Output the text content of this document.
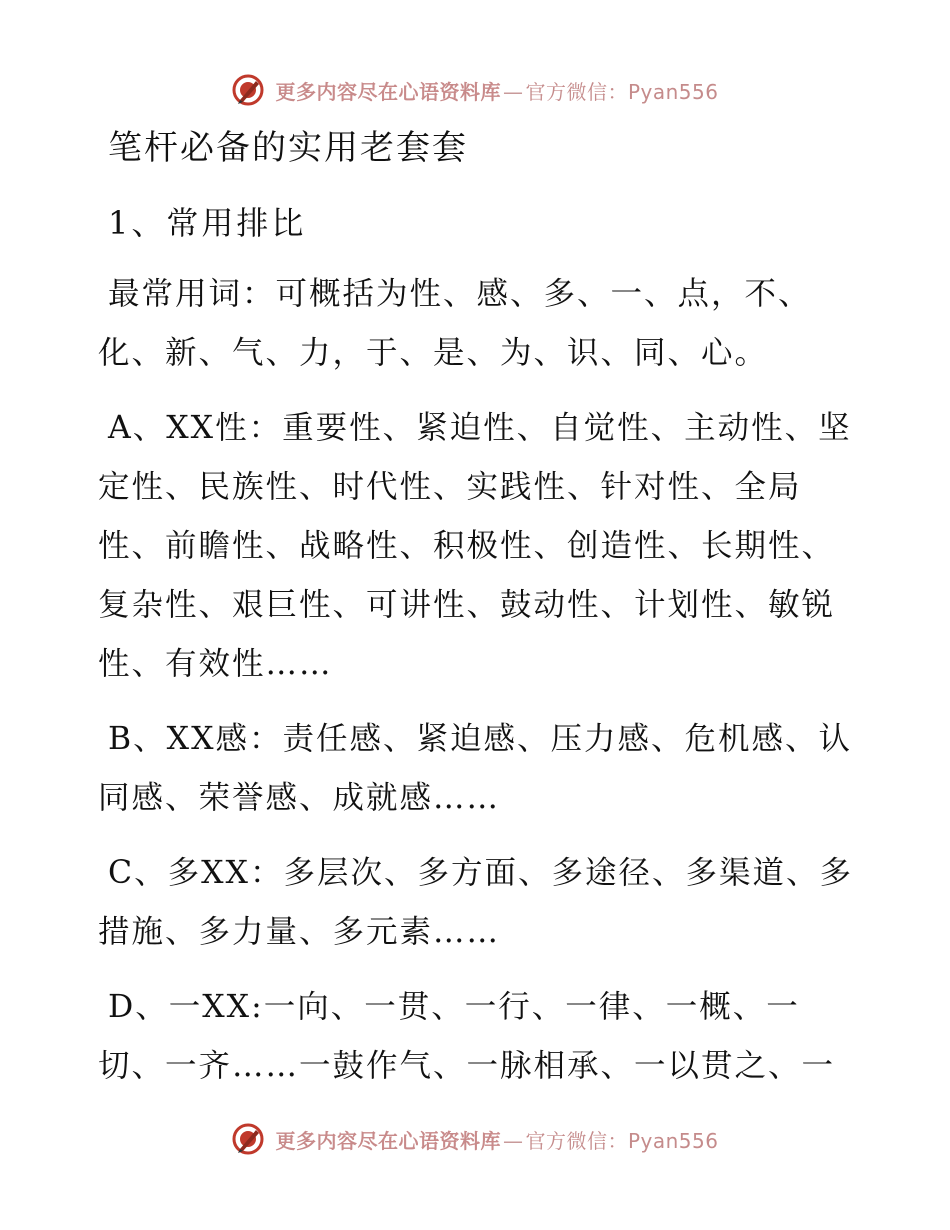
更多内容尽在心语资料库 — 官方微信：Pyan556
笔杆必备的实用老套套
1、常用排比

最常用词：可概括为性、感、多、一、点，不、化、新、气、力，于、是、为、识、同、心。

A、XX性：重要性、紧迫性、自觉性、主动性、坚定性、民族性、时代性、实践性、针对性、全局性、前瞻性、战略性、积极性、创造性、长期性、复杂性、艰巨性、可讲性、鼓动性、计划性、敏锐性、有效性……

B、XX感：责任感、紧迫感、压力感、危机感、认同感、荣誉感、成就感……

C、多XX：多层次、多方面、多途径、多渠道、多措施、多力量、多元素……

D、一XX:一向、一贯、一行、一律、一概、一切、一齐……一鼓作气、一脉相承、一以贯之、一

更多内容尽在心语资料库 — 官方微信：Pyan556
